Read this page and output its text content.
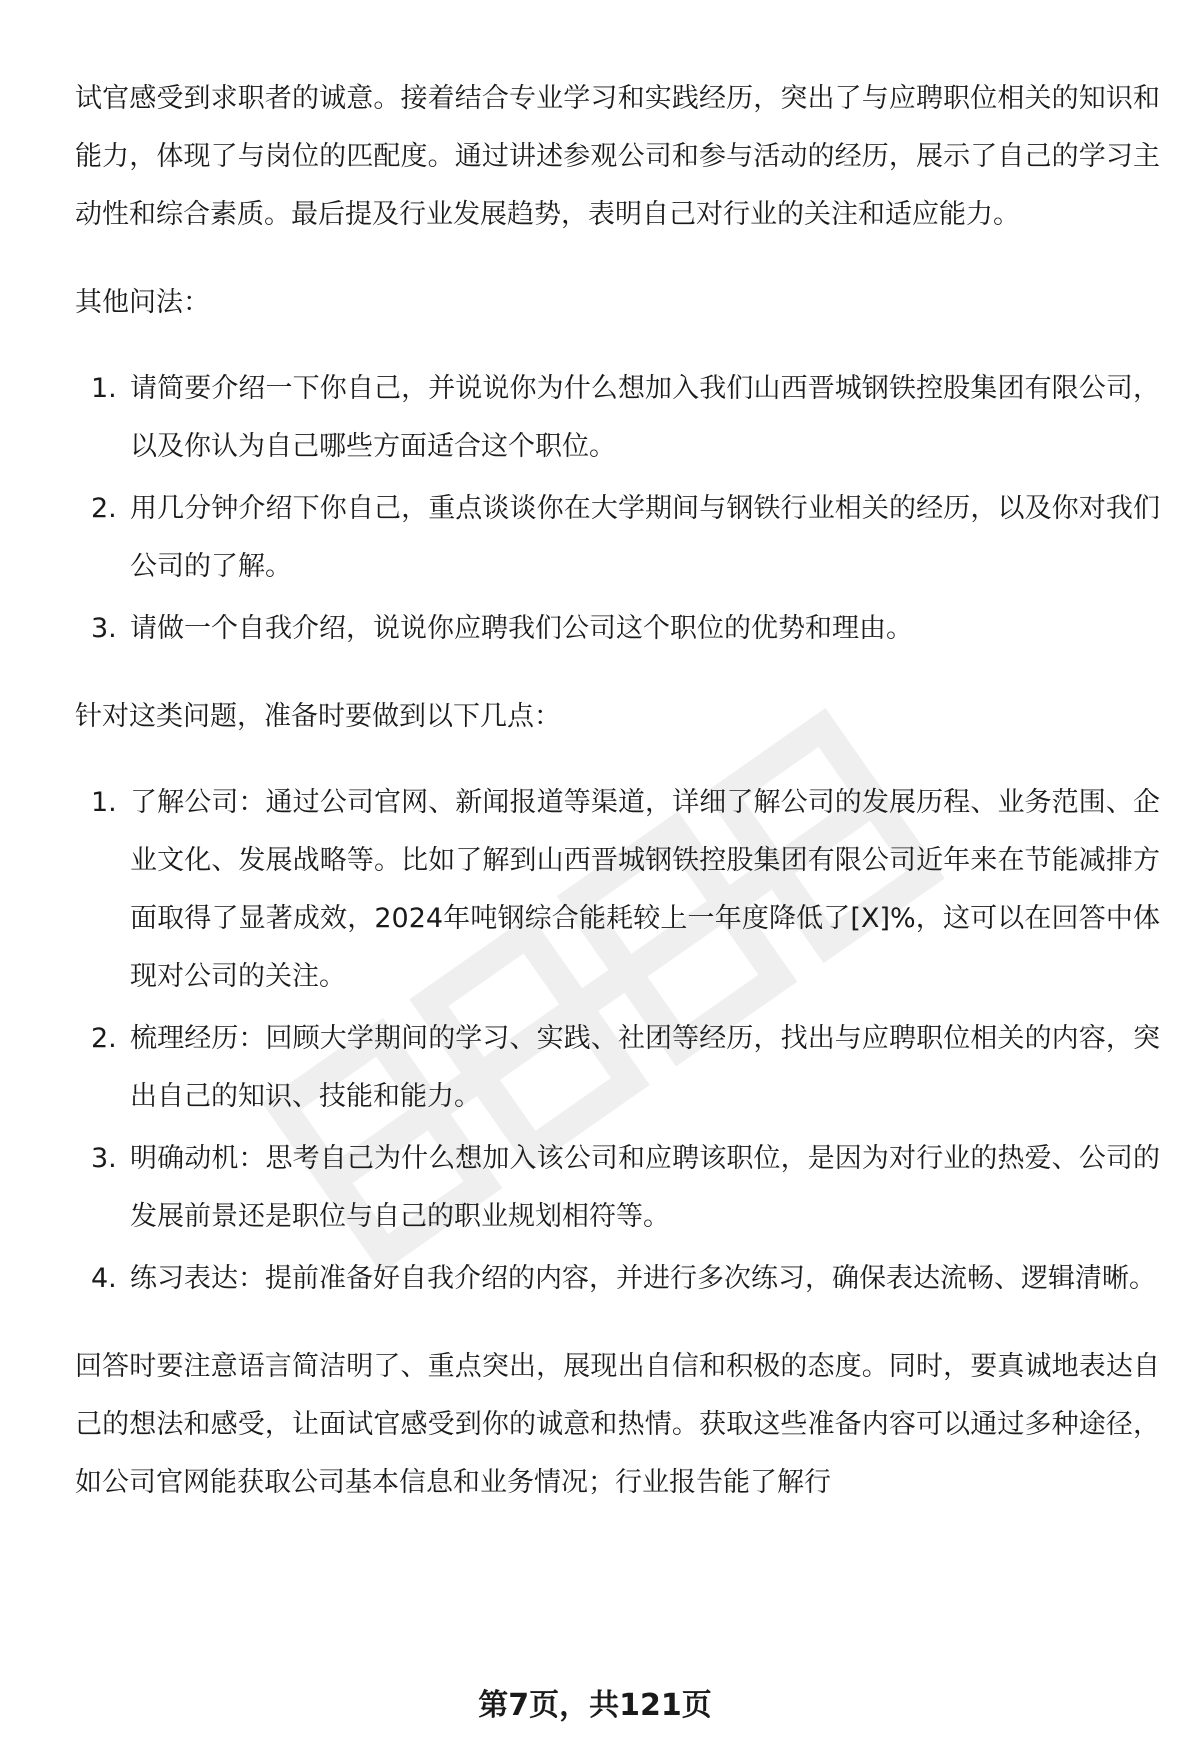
试官感受到求职者的诚意。接着结合专业学习和实践经历，突出了与应聘职位相关的知识和能力，体现了与岗位的匹配度。通过讲述参观公司和参与活动的经历，展示了自己的学习主动性和综合素质。最后提及行业发展趋势，表明自己对行业的关注和适应能力。

其他问法：
1. 请简要介绍一下你自己，并说说你为什么想加入我们山西晋城钢铁控股集团有限公司，以及你认为自己哪些方面适合这个职位。
2. 用几分钟介绍下你自己，重点谈谈你在大学期间与钢铁行业相关的经历，以及你对我们公司的了解。
3. 请做一个自我介绍，说说你应聘我们公司这个职位的优势和理由。
针对这类问题，准备时要做到以下几点：
1. 了解公司：通过公司官网、新闻报道等渠道，详细了解公司的发展历程、业务范围、企业文化、发展战略等。比如了解到山西晋城钢铁控股集团有限公司近年来在节能减排方面取得了显著成效，2024年吨钢综合能耗较上一年度降低了[X]%，这可以在回答中体现对公司的关注。
2. 梳理经历：回顾大学期间的学习、实践、社团等经历，找出与应聘职位相关的内容，突出自己的知识、技能和能力。
3. 明确动机：思考自己为什么想加入该公司和应聘该职位，是因为对行业的热爱、公司的发展前景还是职位与自己的职业规划相符等。
4. 练习表达：提前准备好自我介绍的内容，并进行多次练习，确保表达流畅、逻辑清晰。

回答时要注意语言简洁明了、重点突出，展现出自信和积极的态度。同时，要真诚地表达自己的想法和感受，让面试官感受到你的诚意和热情。获取这些准备内容可以通过多种途径，如公司官网能获取公司基本信息和业务情况；行业报告能了解行

第7页，共121页
